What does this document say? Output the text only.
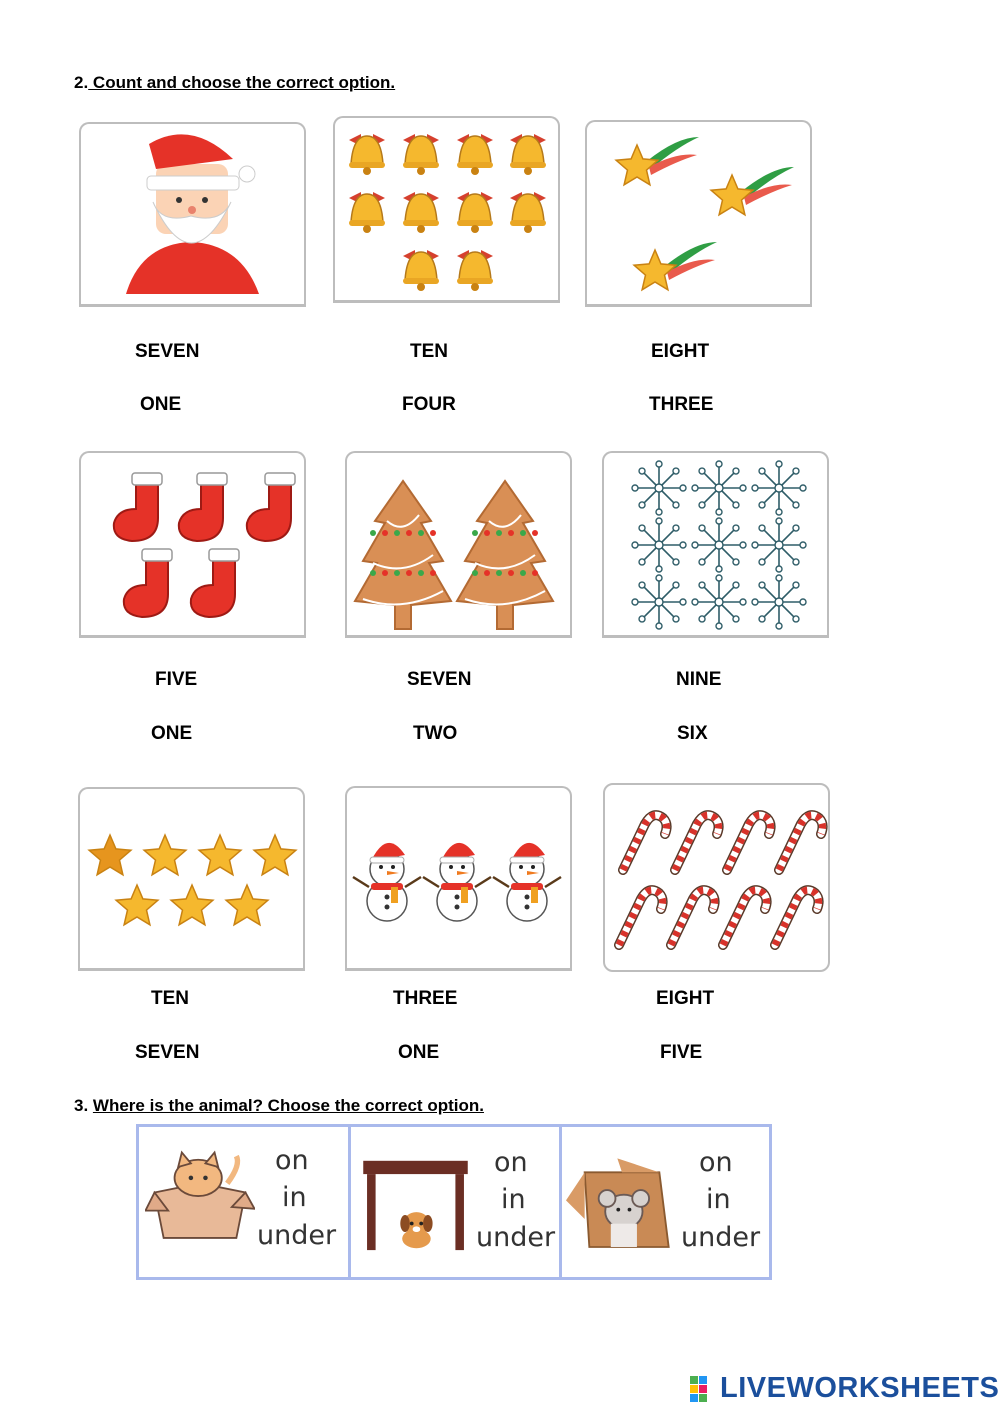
2. Count and choose the correct option.
SEVEN
ONE
TEN
FOUR
EIGHT
THREE
FIVE
ONE
SEVEN
TWO
NINE
SIX
TEN
SEVEN
THREE
ONE
EIGHT
FIVE
3. Where is the animal? Choose the correct option.
on
in
under
on
in
under
on
in
under
LIVEWORKSHEETS
